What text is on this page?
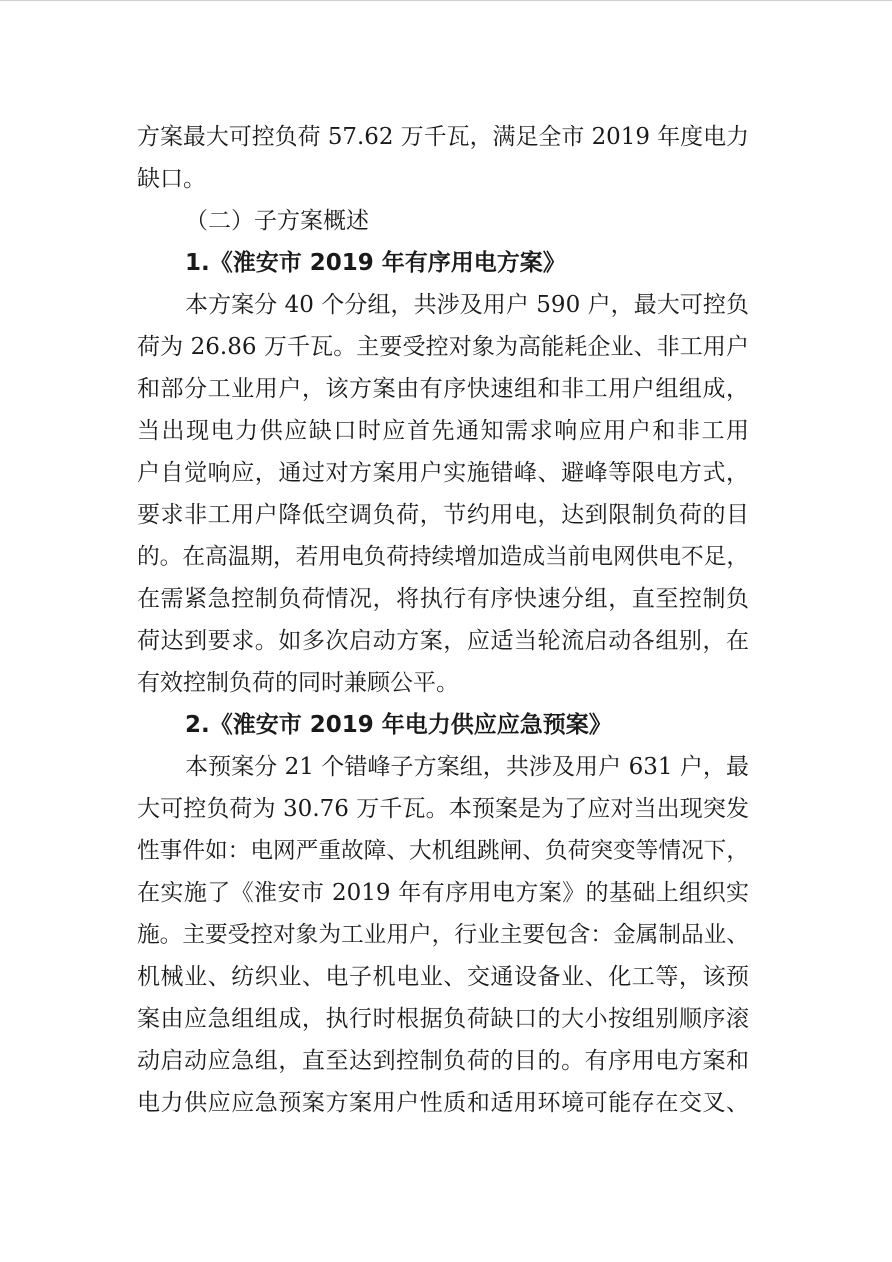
方案最大可控负荷 57.62 万千瓦，满足全市 2019 年度电力
缺口。
（二）子方案概述
1.《淮安市 2019 年有序用电方案》
本方案分 40 个分组，共涉及用户 590 户，最大可控负
荷为 26.86 万千瓦。主要受控对象为高能耗企业、非工用户
和部分工业用户，该方案由有序快速组和非工用户组组成，
当出现电力供应缺口时应首先通知需求响应用户和非工用
户自觉响应，通过对方案用户实施错峰、避峰等限电方式，
要求非工用户降低空调负荷，节约用电，达到限制负荷的目
的。在高温期，若用电负荷持续增加造成当前电网供电不足，
在需紧急控制负荷情况，将执行有序快速分组，直至控制负
荷达到要求。如多次启动方案，应适当轮流启动各组别，在
有效控制负荷的同时兼顾公平。
2.《淮安市 2019 年电力供应应急预案》
本预案分 21 个错峰子方案组，共涉及用户 631 户，最
大可控负荷为 30.76 万千瓦。本预案是为了应对当出现突发
性事件如：电网严重故障、大机组跳闸、负荷突变等情况下，
在实施了《淮安市 2019 年有序用电方案》的基础上组织实
施。主要受控对象为工业用户，行业主要包含：金属制品业、
机械业、纺织业、电子机电业、交通设备业、化工等，该预
案由应急组组成，执行时根据负荷缺口的大小按组别顺序滚
动启动应急组，直至达到控制负荷的目的。有序用电方案和
电力供应应急预案方案用户性质和适用环境可能存在交叉、
